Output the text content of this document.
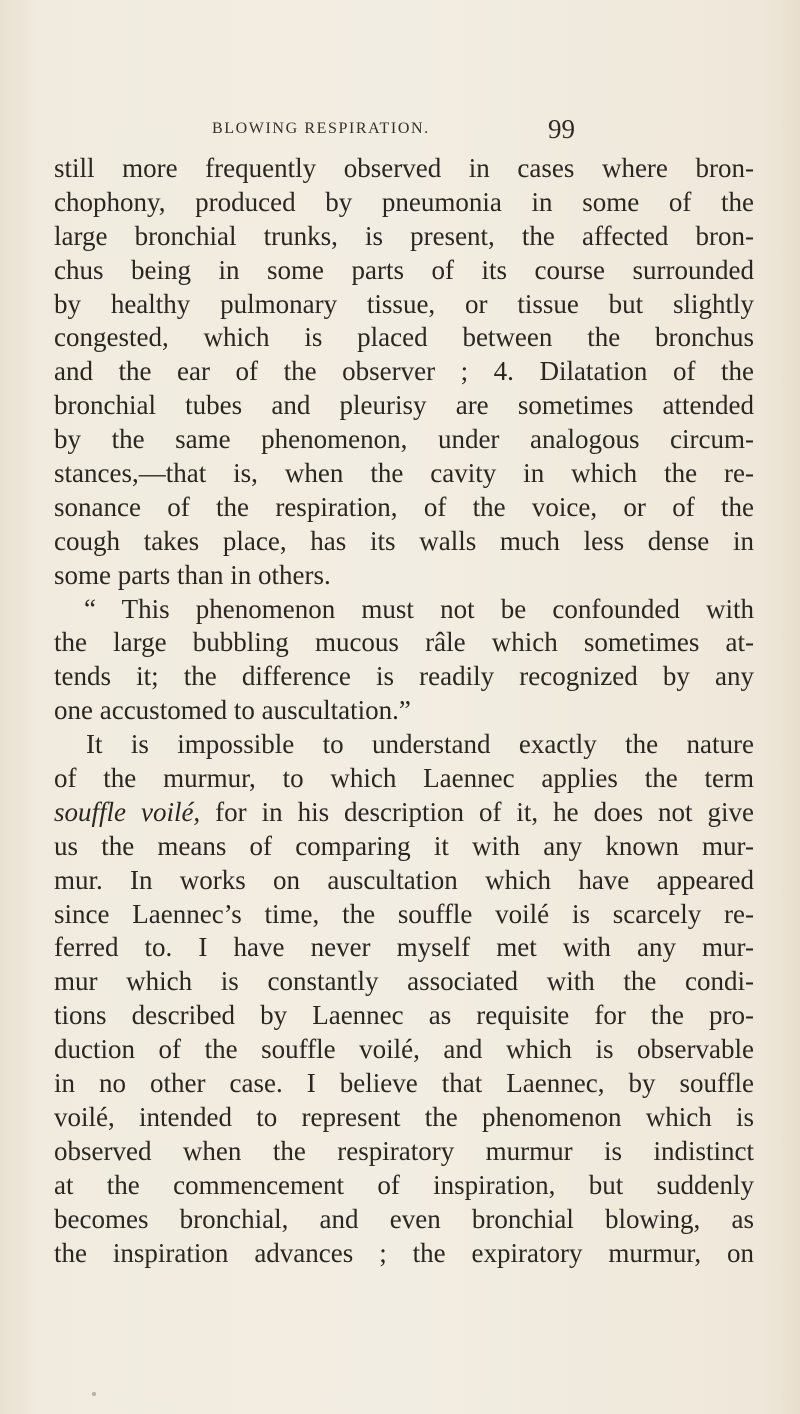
BLOWING RESPIRATION.	99
still more frequently observed in cases where bron-
chophony, produced by pneumonia in some of the
large bronchial trunks, is present, the affected bron-
chus being in some parts of its course surrounded
by healthy pulmonary tissue, or tissue but slightly
congested, which is placed between the bronchus
and the ear of the observer ; 4. Dilatation of the
bronchial tubes and pleurisy are sometimes attended
by the same phenomenon, under analogous circum-
stances,—that is, when the cavity in which the re-
sonance of the respiration, of the voice, or of the
cough takes place, has its walls much less dense in
some parts than in others.
“ This phenomenon must not be confounded with
the large bubbling mucous râle which sometimes at-
tends it; the difference is readily recognized by any
one accustomed to auscultation.”
It is impossible to understand exactly the nature
of the murmur, to which Laennec applies the term
souffle voilé, for in his description of it, he does not give
us the means of comparing it with any known mur-
mur. In works on auscultation which have appeared
since Laennec’s time, the souffle voilé is scarcely re-
ferred to. I have never myself met with any mur-
mur which is constantly associated with the condi-
tions described by Laennec as requisite for the pro-
duction of the souffle voilé, and which is observable
in no other case. I believe that Laennec, by souffle
voilé, intended to represent the phenomenon which is
observed when the respiratory murmur is indistinct
at the commencement of inspiration, but suddenly
becomes bronchial, and even bronchial blowing, as
the inspiration advances ; the expiratory murmur, on
